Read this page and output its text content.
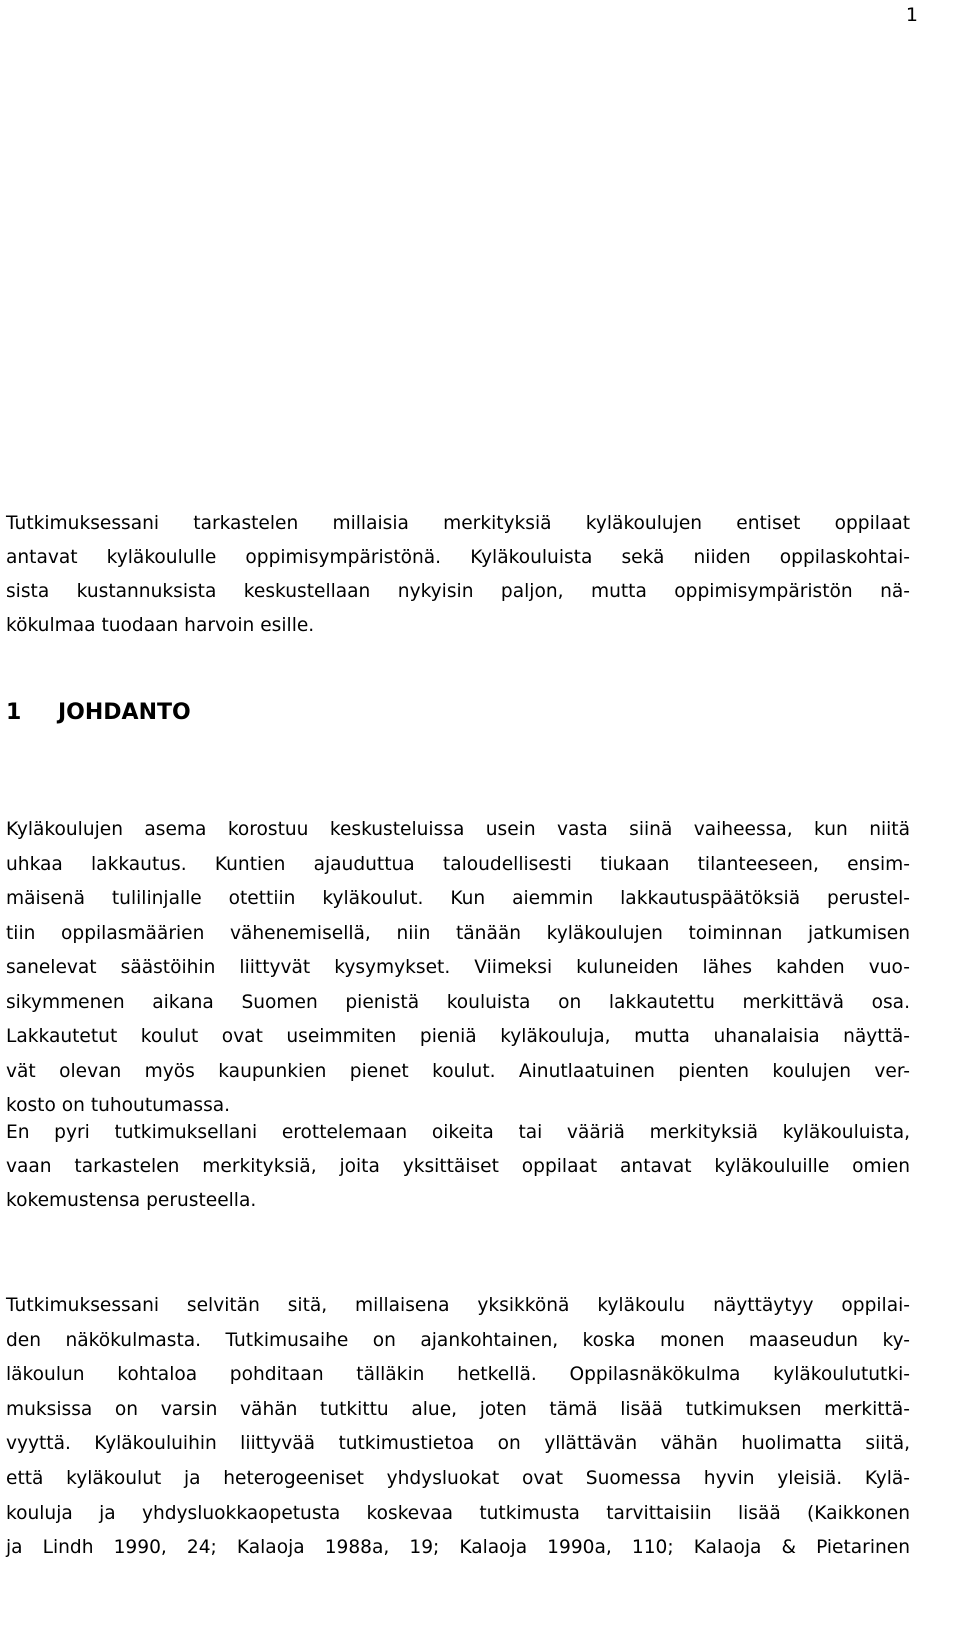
1
1 JOHDANTO
Tutkimuksessani tarkastelen millaisia merkityksiä kyläkoulujen entiset oppilaat
antavat kyläkoululle oppimisympäristönä. Kyläkouluista sekä niiden oppilaskohtai-
sista kustannuksista keskustellaan nykyisin paljon, mutta oppimisympäristön nä-
kökulmaa tuodaan harvoin esille.
Kyläkoulujen asema korostuu keskusteluissa usein vasta siinä vaiheessa, kun niitä
uhkaa lakkautus. Kuntien ajauduttua taloudellisesti tiukaan tilanteeseen, ensim-
mäisenä tulilinjalle otettiin kyläkoulut. Kun aiemmin lakkautuspäätöksiä perustel-
tiin oppilasmäärien vähenemisellä, niin tänään kyläkoulujen toiminnan jatkumisen
sanelevat säästöihin liittyvät kysymykset. Viimeksi kuluneiden lähes kahden vuo-
sikymmenen aikana Suomen pienistä kouluista on lakkautettu merkittävä osa.
Lakkautetut koulut ovat useimmiten pieniä kyläkouluja, mutta uhanalaisia näyttä-
vät olevan myös kaupunkien pienet koulut. Ainutlaatuinen pienten koulujen ver-
kosto on tuhoutumassa.
En pyri tutkimuksellani erottelemaan oikeita tai vääriä merkityksiä kyläkouluista,
vaan tarkastelen merkityksiä, joita yksittäiset oppilaat antavat kyläkouluille omien
kokemustensa perusteella.
Tutkimuksessani selvitän sitä, millaisena yksikkönä kyläkoulu näyttäytyy oppilai-
den näkökulmasta. Tutkimusaihe on ajankohtainen, koska monen maaseudun ky-
läkoulun kohtaloa pohditaan tälläkin hetkellä. Oppilasnäkökulma kyläkoulututki-
muksissa on varsin vähän tutkittu alue, joten tämä lisää tutkimuksen merkittä-
vyyttä. Kyläkouluihin liittyvää tutkimustietoa on yllättävän vähän huolimatta siitä,
että kyläkoulut ja heterogeeniset yhdysluokat ovat Suomessa hyvin yleisiä. Kylä-
kouluja ja yhdysluokkaopetusta koskevaa tutkimusta tarvittaisiin lisää (Kaikkonen
ja Lindh 1990, 24; Kalaoja 1988a, 19; Kalaoja 1990a, 110; Kalaoja & Pietarinen
